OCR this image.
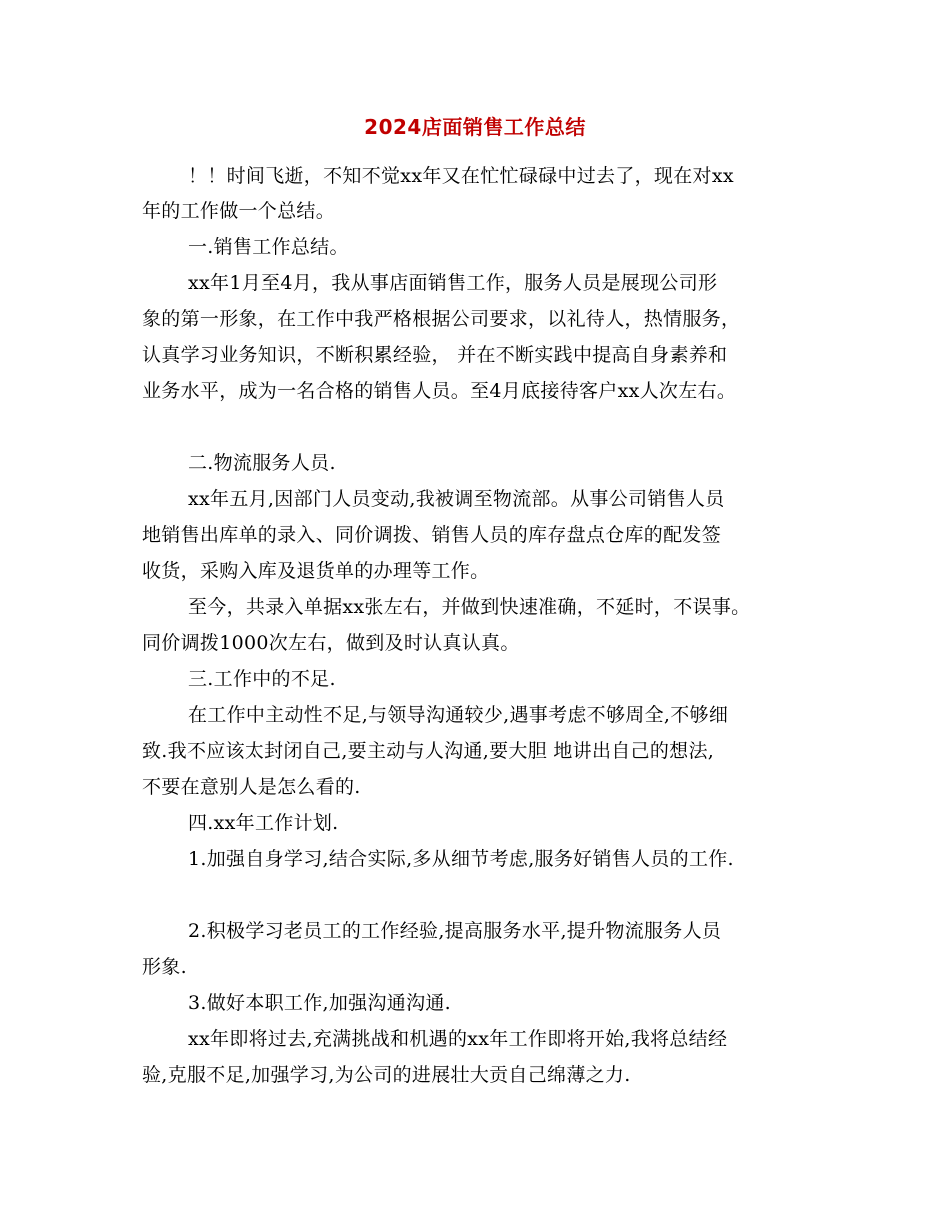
2024店面销售工作总结
！！时间飞逝，不知不觉xx年又在忙忙碌碌中过去了，现在对xx
年的工作做一个总结。
一.销售工作总结。
xx年1月至4月，我从事店面销售工作，服务人员是展现公司形
象的第一形象，在工作中我严格根据公司要求，以礼待人，热情服务，
认真学习业务知识，不断积累经验， 并在不断实践中提高自身素养和
业务水平，成为一名合格的销售人员。至4月底接待客户xx人次左右。
二.物流服务人员.
xx年五月,因部门人员变动,我被调至物流部。从事公司销售人员
地销售出库单的录入、同价调拨、销售人员的库存盘点仓库的配发签
收货，采购入库及退货单的办理等工作。
至今，共录入单据xx张左右，并做到快速准确，不延时，不误事。
同价调拨1000次左右，做到及时认真认真。
三.工作中的不足.
在工作中主动性不足,与领导沟通较少,遇事考虑不够周全,不够细
致.我不应该太封闭自己,要主动与人沟通,要大胆 地讲出自己的想法,
不要在意别人是怎么看的.
四.xx年工作计划.
1.加强自身学习,结合实际,多从细节考虑,服务好销售人员的工作.
2.积极学习老员工的工作经验,提高服务水平,提升物流服务人员
形象.
3.做好本职工作,加强沟通沟通.
xx年即将过去,充满挑战和机遇的xx年工作即将开始,我将总结经
验,克服不足,加强学习,为公司的进展壮大贡自己绵薄之力.
